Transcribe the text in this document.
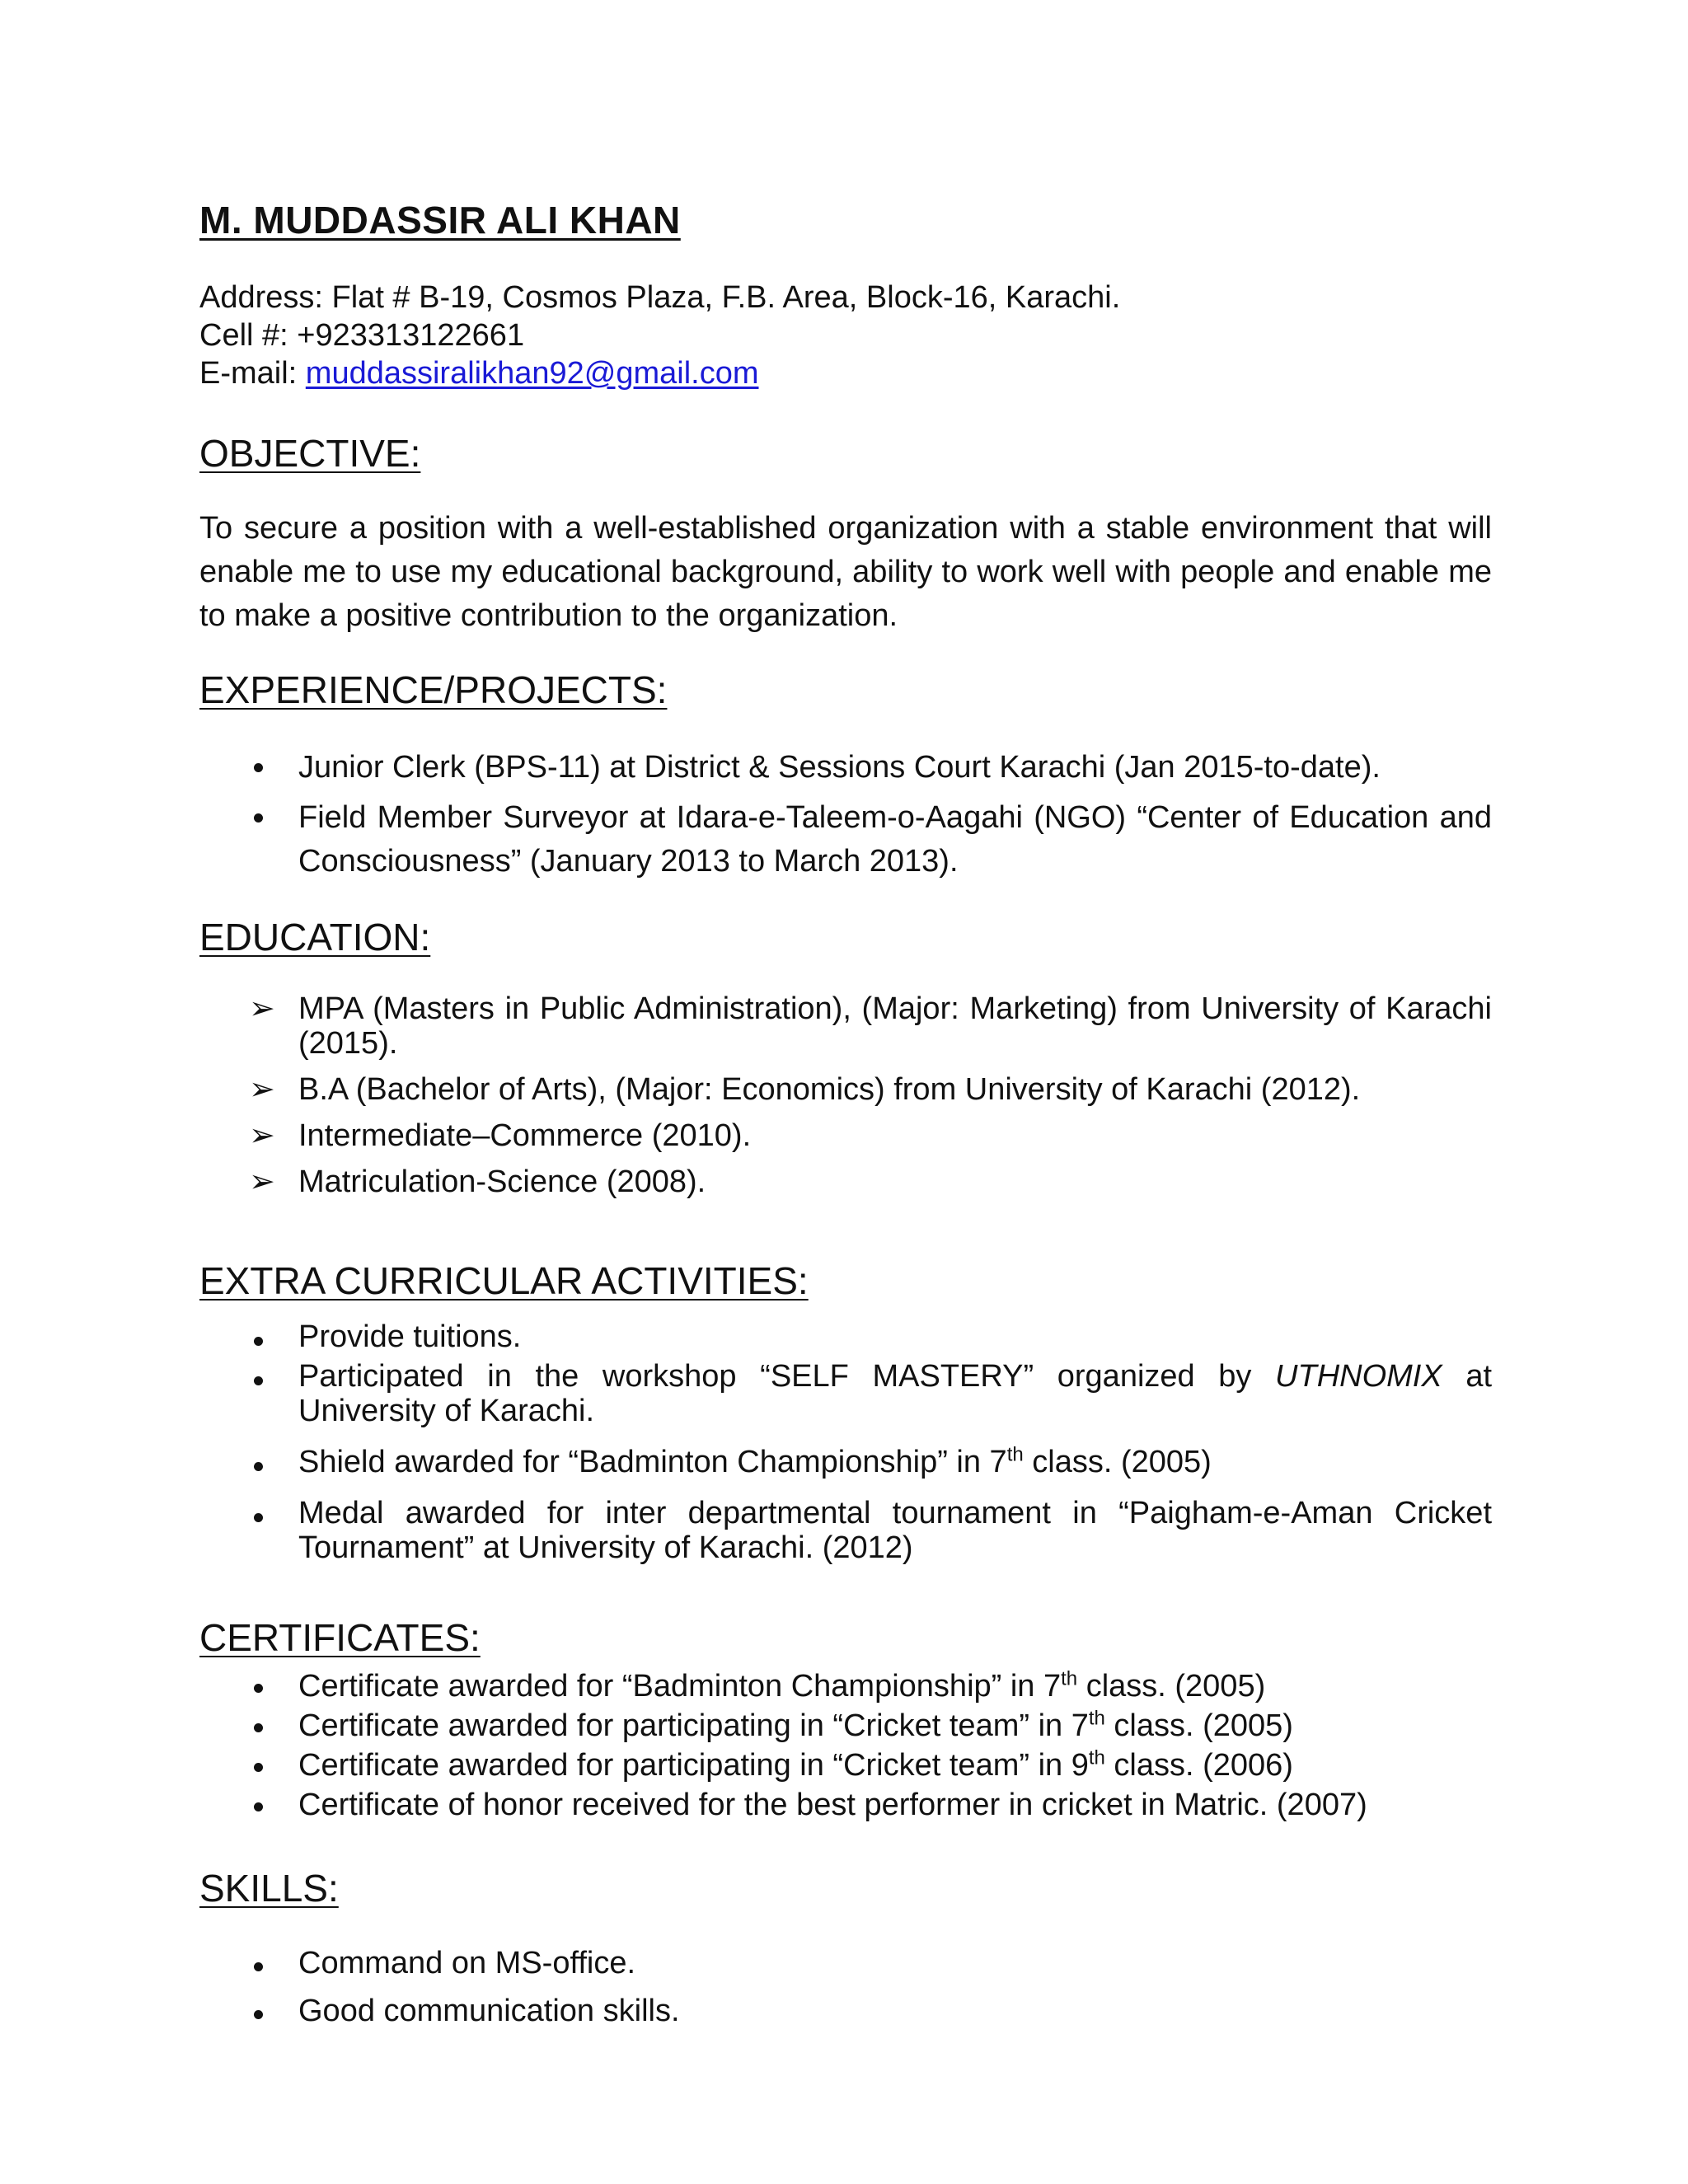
M. MUDDASSIR ALI KHAN
Address: Flat # B-19, Cosmos Plaza, F.B. Area, Block-16, Karachi.
Cell #: +923313122661
E-mail: muddassiralikhan92@gmail.com
OBJECTIVE:
To secure a position with a well-established organization with a stable environment that will enable me to use my educational background, ability to work well with people and enable me to make a positive contribution to the organization.
EXPERIENCE/PROJECTS:
Junior Clerk (BPS-11) at District & Sessions Court Karachi (Jan 2015-to-date).
Field Member Surveyor at Idara-e-Taleem-o-Aagahi (NGO) “Center of Education and Consciousness” (January 2013 to March 2013).
EDUCATION:
➢ MPA (Masters in Public Administration), (Major: Marketing) from University of Karachi (2015).
➢ B.A (Bachelor of Arts), (Major: Economics) from University of Karachi (2012).
➢ Intermediate–Commerce (2010).
➢ Matriculation-Science (2008).
EXTRA CURRICULAR ACTIVITIES:
Provide tuitions.
Participated in the workshop “SELF MASTERY” organized by UTHNOMIX at University of Karachi.
Shield awarded for “Badminton Championship” in 7th class. (2005)
Medal awarded for inter departmental tournament in “Paigham-e-Aman Cricket Tournament” at University of Karachi. (2012)
CERTIFICATES:
Certificate awarded for “Badminton Championship” in 7th class. (2005)
Certificate awarded for participating in “Cricket team” in 7th class. (2005)
Certificate awarded for participating in “Cricket team” in 9th class. (2006)
Certificate of honor received for the best performer in cricket in Matric. (2007)
SKILLS:
Command on MS-office.
Good communication skills.
